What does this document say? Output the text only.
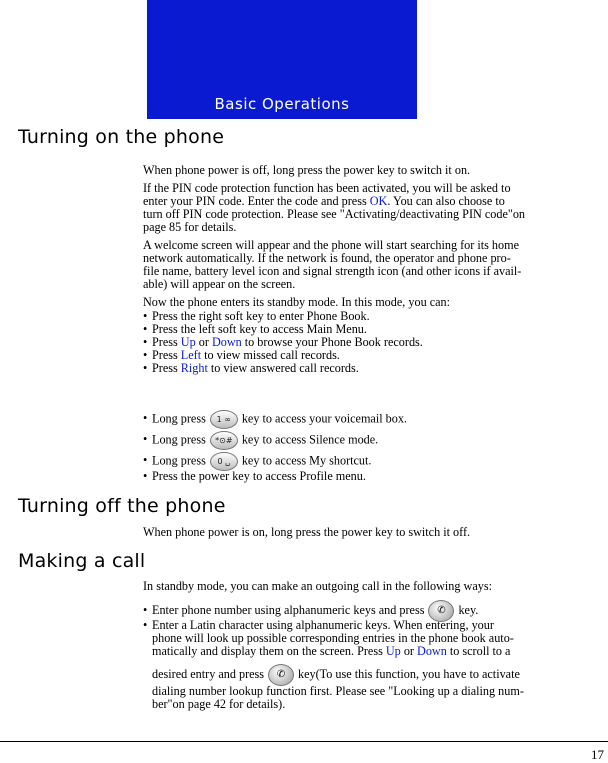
Basic Operations
Turning on the phone
When phone power is off, long press the power key to switch it on.
If the PIN code protection function has been activated, you will be asked to
enter your PIN code. Enter the code and press OK. You can also choose to
turn off PIN code protection. Please see "Activating/deactivating PIN code"on
page 85 for details.
A welcome screen will appear and the phone will start searching for its home
network automatically. If the network is found, the operator and phone pro-
file name, battery level icon and signal strength icon (and other icons if avail-
able) will appear on the screen.
Now the phone enters its standby mode. In this mode, you can:
• Press the right soft key to enter Phone Book.
• Press the left soft key to access Main Menu.
• Press Up or Down to browse your Phone Book records.
• Press Left to view missed call records.
• Press Right to view answered call records.
• Long press 1 ∞ key to access your voicemail box.
• Long press *⊙# key to access Silence mode.
• Long press 0 ␣ key to access My shortcut.
• Press the power key to access Profile menu.
Turning off the phone
When phone power is on, long press the power key to switch it off.
Making a call
In standby mode, you can make an outgoing call in the following ways:
• Enter phone number using alphanumeric keys and press ✆ key.
• Enter a Latin character using alphanumeric keys. When entering, your
phone will look up possible corresponding entries in the phone book auto-
matically and display them on the screen. Press Up or Down to scroll to a
desired entry and press ✆ key(To use this function, you have to activate
dialing number lookup function first. Please see "Looking up a dialing num-
ber"on page 42 for details).
17
